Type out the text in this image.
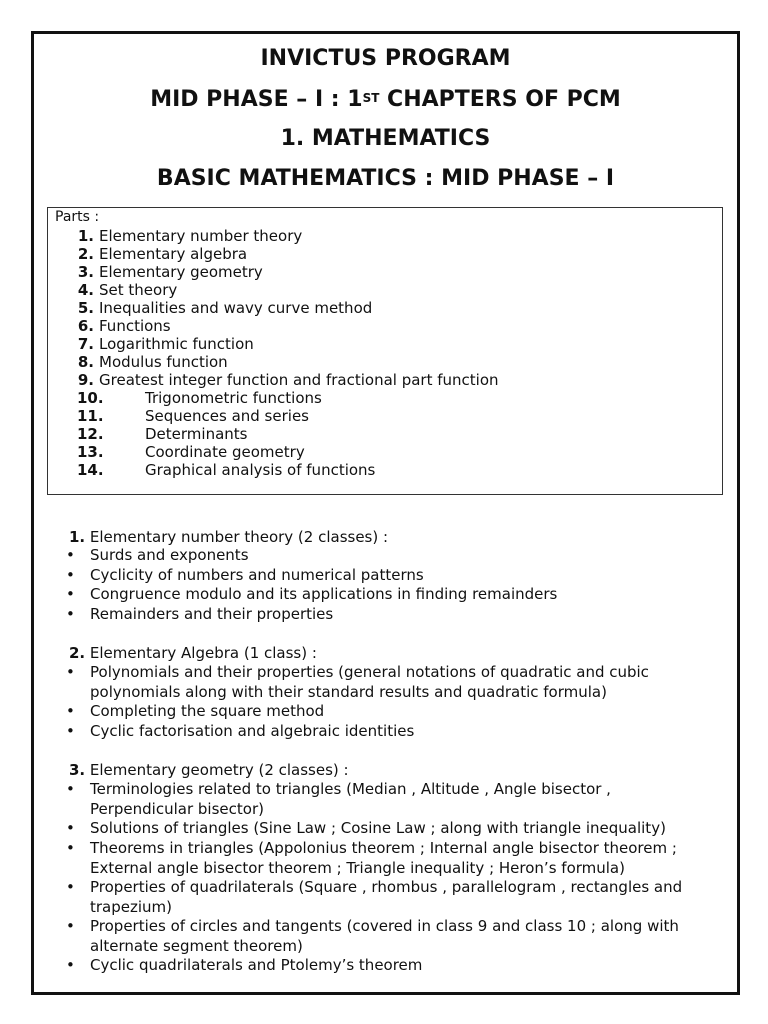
INVICTUS PROGRAM
MID PHASE – I : 1ST CHAPTERS OF PCM
1. MATHEMATICS
BASIC MATHEMATICS : MID PHASE – I
Parts :
1. Elementary number theory
2. Elementary algebra
3. Elementary geometry
4. Set theory
5. Inequalities and wavy curve method
6. Functions
7. Logarithmic function
8. Modulus function
9. Greatest integer function and fractional part function
10.	Trigonometric functions
11.	Sequences and series
12.	Determinants
13.	Coordinate geometry
14.	Graphical analysis of functions
1. Elementary number theory (2 classes) :
• Surds and exponents
• Cyclicity of numbers and numerical patterns
• Congruence modulo and its applications in finding remainders
• Remainders and their properties
2. Elementary Algebra (1 class) :
• Polynomials and their properties (general notations of quadratic and cubic polynomials along with their standard results and quadratic formula)
• Completing the square method
• Cyclic factorisation and algebraic identities
3. Elementary geometry (2 classes) :
• Terminologies related to triangles (Median , Altitude , Angle bisector , Perpendicular bisector)
• Solutions of triangles (Sine Law ; Cosine Law ; along with triangle inequality)
• Theorems in triangles (Appolonius theorem ; Internal angle bisector theorem ; External angle bisector theorem ; Triangle inequality ; Heron’s formula)
• Properties of quadrilaterals (Square , rhombus , parallelogram , rectangles and trapezium)
• Properties of circles and tangents (covered in class 9 and class 10 ; along with alternate segment theorem)
• Cyclic quadrilaterals and Ptolemy’s theorem
